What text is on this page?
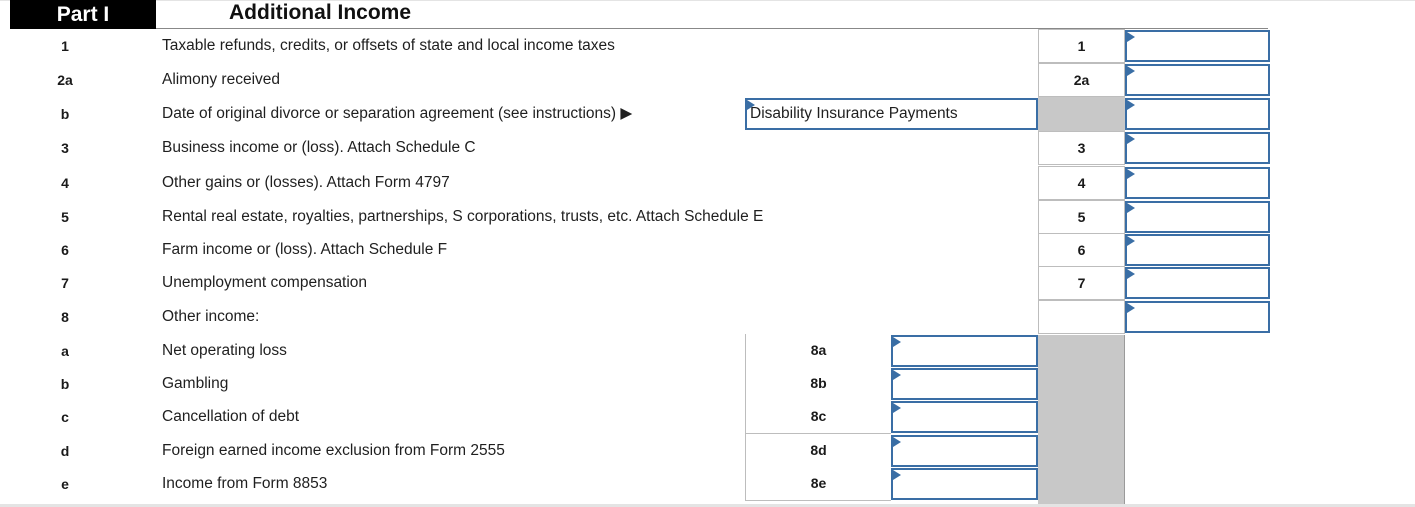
Part I	Additional Income
1	Taxable refunds, credits, or offsets of state and local income taxes	1
2a	Alimony received	2a
b	Date of original divorce or separation agreement (see instructions) ▶	Disability Insurance Payments
3	Business income or (loss). Attach Schedule C	3
4	Other gains or (losses). Attach Form 4797	4
5	Rental real estate, royalties, partnerships, S corporations, trusts, etc. Attach Schedule E	5
6	Farm income or (loss). Attach Schedule F	6
7	Unemployment compensation	7
8	Other income:
a	Net operating loss	8a
b	Gambling	8b
c	Cancellation of debt	8c
d	Foreign earned income exclusion from Form 2555	8d
e	Income from Form 8853	8e
